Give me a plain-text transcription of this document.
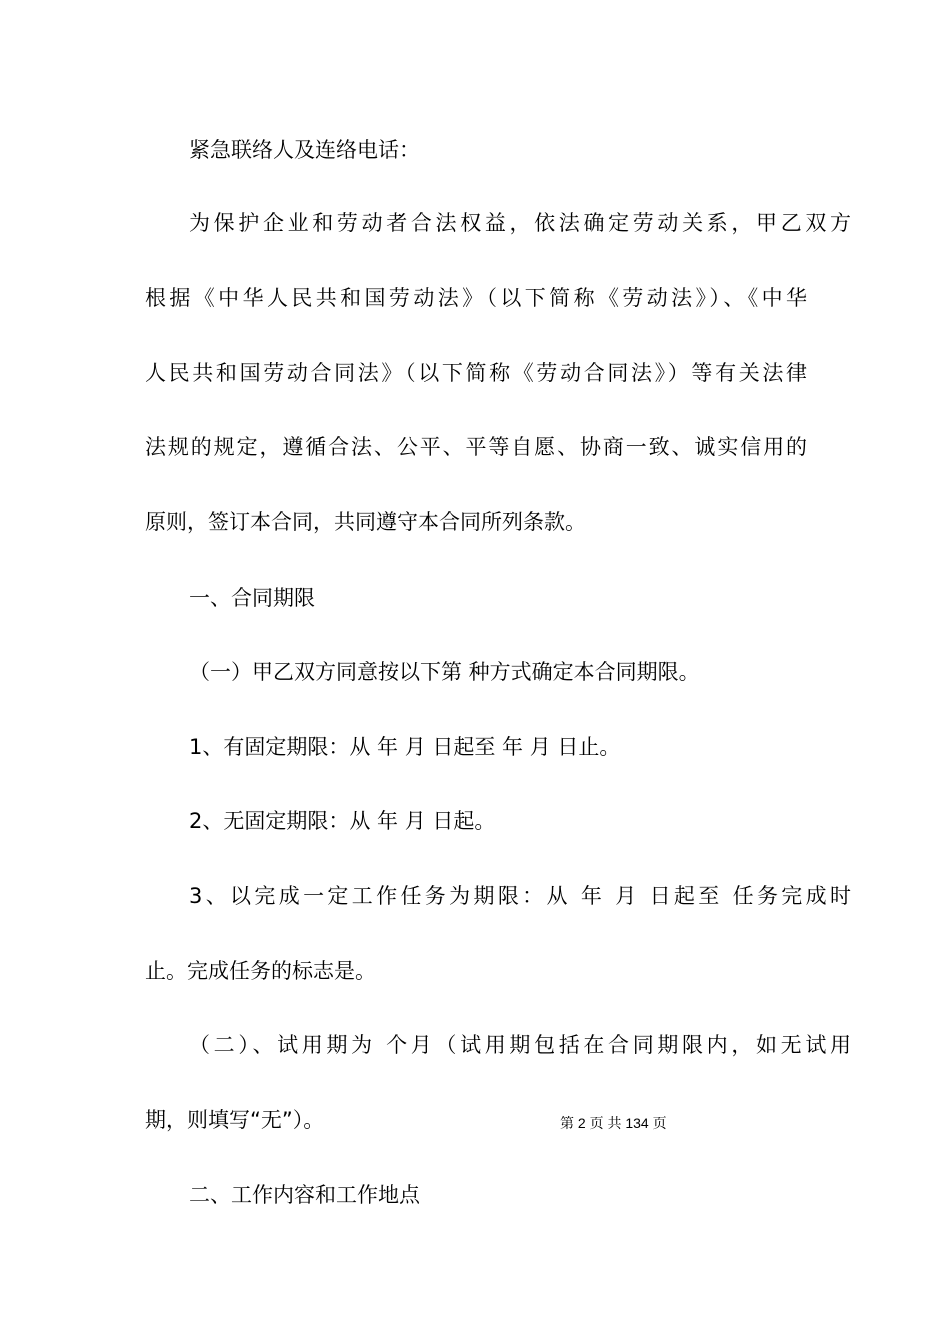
紧急联络人及连络电话：

为保护企业和劳动者合法权益，依法确定劳动关系，甲乙双方

根据《中华人民共和国劳动法》（以下简称《劳动法》）、《中华

人民共和国劳动合同法》（以下简称《劳动合同法》）等有关法律

法规的规定，遵循合法、公平、平等自愿、协商一致、诚实信用的

原则，签订本合同，共同遵守本合同所列条款。

一、合同期限

（一）甲乙双方同意按以下第 种方式确定本合同期限。

1、有固定期限：从 年 月 日起至 年 月 日止。

2、无固定期限：从 年 月 日起。

3、以完成一定工作任务为期限：从 年 月 日起至 任务完成时

止。完成任务的标志是。

（二）、试用期为 个月（试用期包括在合同期限内，如无试用

期，则填写“无”）。	第 2 页 共 134 页

二、工作内容和工作地点
